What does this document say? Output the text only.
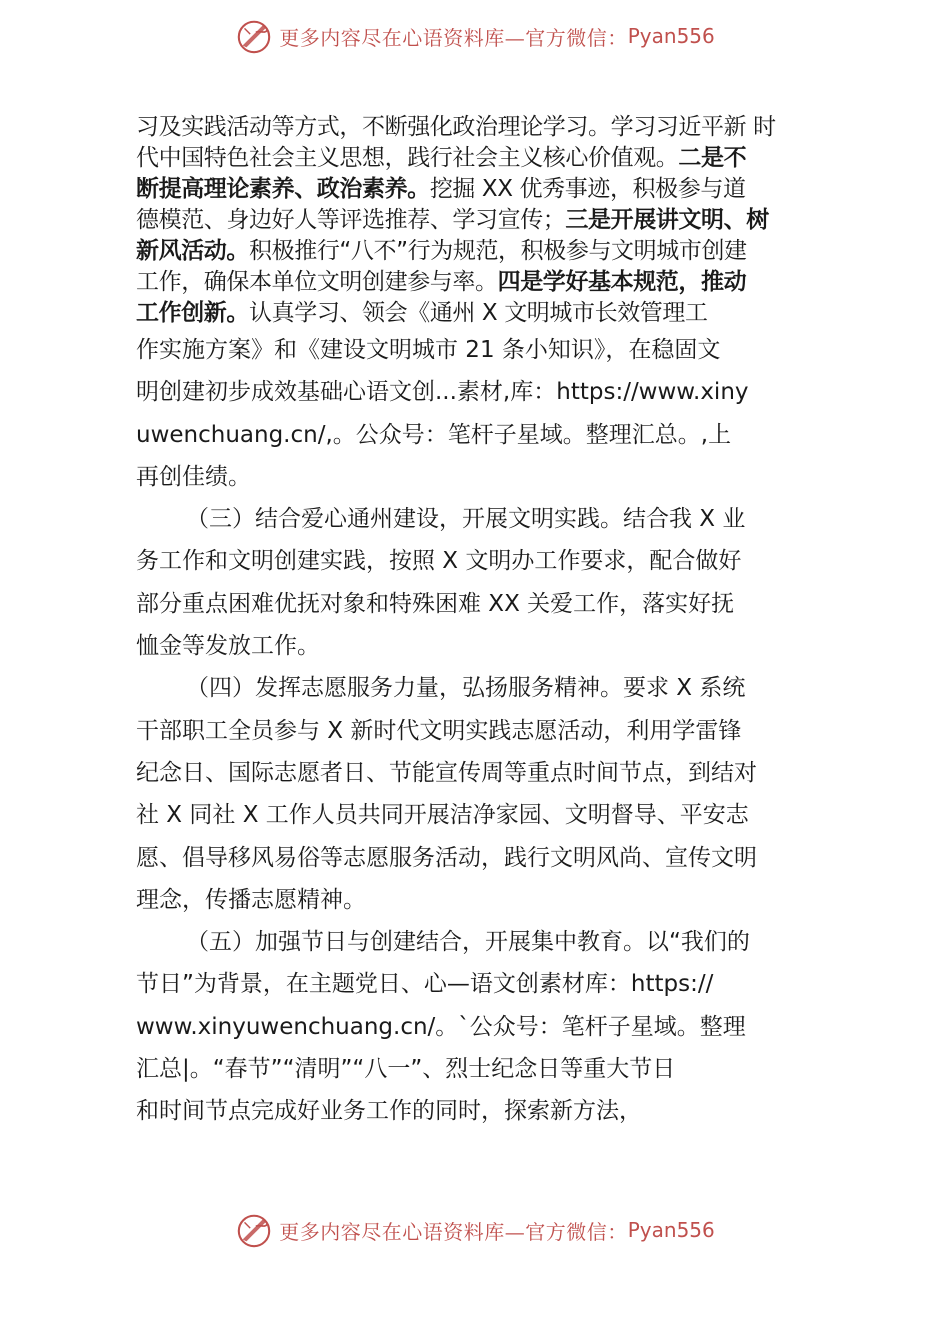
更多内容尽在心语资料库—官方微信： Pyan556
习及实践活动等方式，不断强化政治理论学习。学习习近平新 时
代中国特色社会主义思想，践行社会主义核心价值观。二是不
断提高理论素养、政治素养。挖掘 XX 优秀事迹，积极参与道
德模范、身边好人等评选推荐、学习宣传；三是开展讲文明、树
新风活动。积极推行“八不”行为规范，积极参与文明城市创建
工作，确保本单位文明创建参与率。四是学好基本规范，推动
工作创新。认真学习、领会《通州 X 文明城市长效管理工
作实施方案》和《建设文明城市 21 条小知识》，在稳固文
明创建初步成效基础心语文创...素材,库：https://www.xiny
uwenchuang.cn/,。公众号：笔杆子星域。整理汇总。,上
再创佳绩。
（三）结合爱心通州建设，开展文明实践。结合我 X 业
务工作和文明创建实践，按照 X 文明办工作要求，配合做好
部分重点困难优抚对象和特殊困难 XX 关爱工作，落实好抚
恤金等发放工作。
（四）发挥志愿服务力量，弘扬服务精神。要求 X 系统
干部职工全员参与 X 新时代文明实践志愿活动，利用学雷锋
纪念日、国际志愿者日、节能宣传周等重点时间节点，到结对
社 X 同社 X 工作人员共同开展洁净家园、文明督导、平安志
愿、倡导移风易俗等志愿服务活动，践行文明风尚、宣传文明
理念，传播志愿精神。
（五）加强节日与创建结合，开展集中教育。以“我们的
节日”为背景，在主题党日、心—语文创素材库：https://
www.xinyuwenchuang.cn/。`公众号：笔杆子星域。整理
汇总|。“春节”“清明”“八一”、烈士纪念日等重大节日
和时间节点完成好业务工作的同时，探索新方法，
更多内容尽在心语资料库—官方微信： Pyan556
